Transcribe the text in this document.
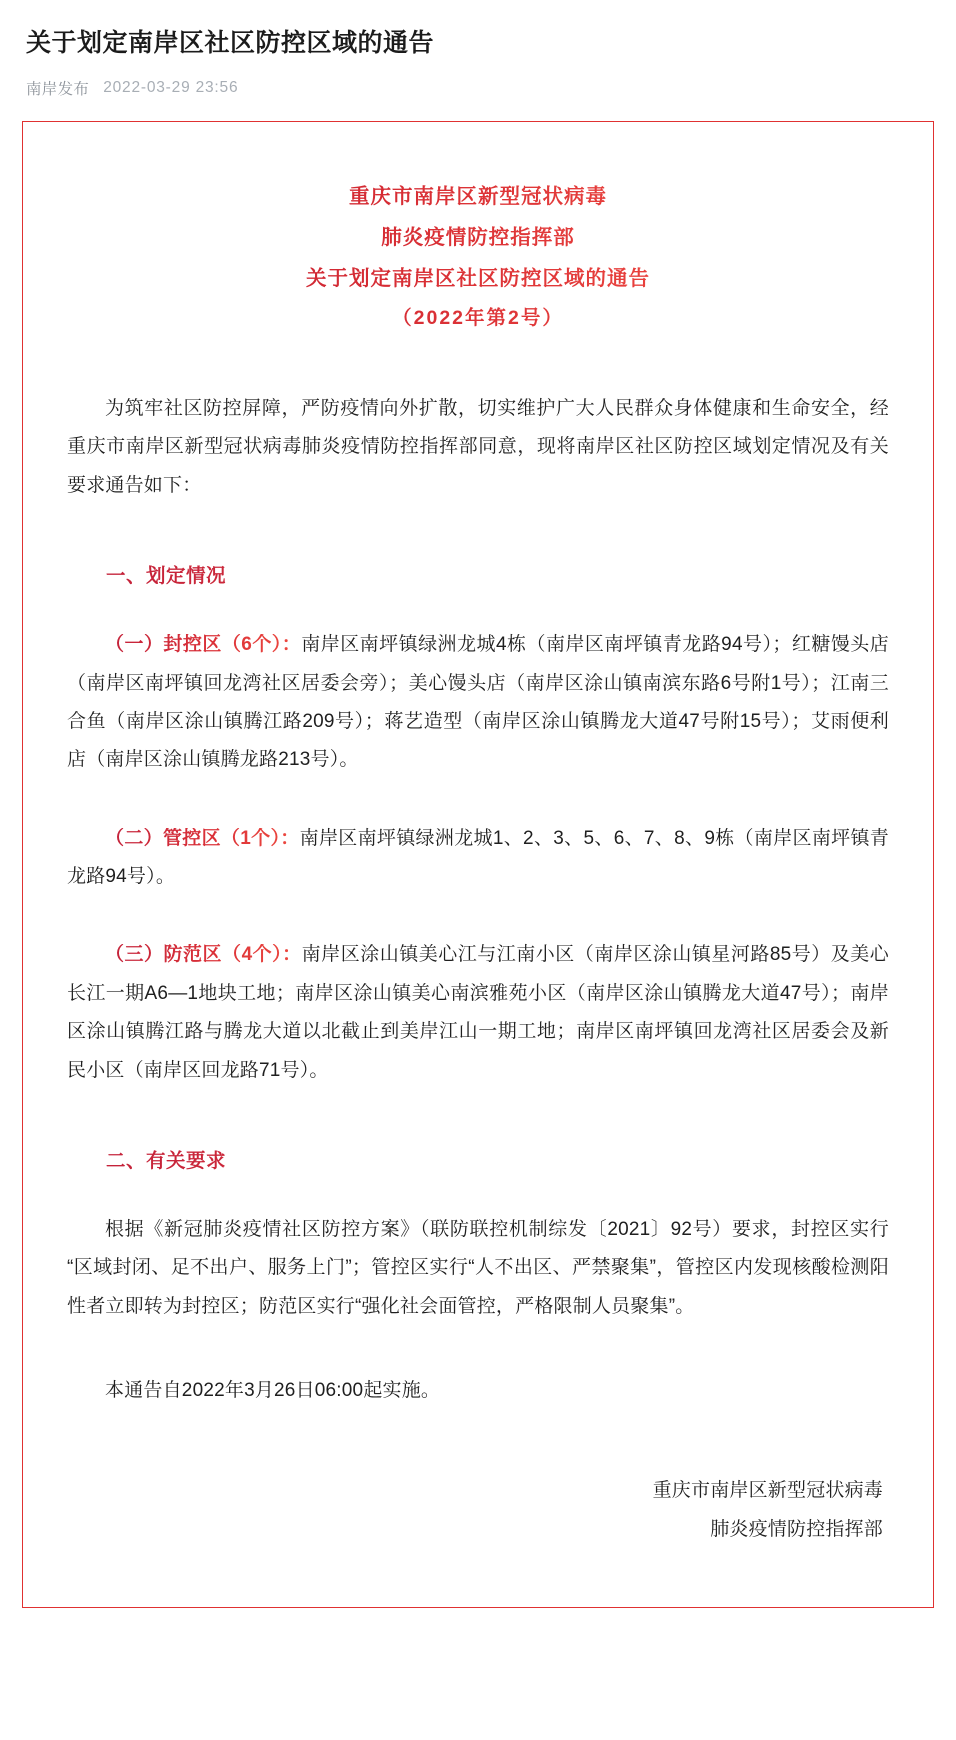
关于划定南岸区社区防控区域的通告
南岸发布 2022-03-29 23:56
重庆市南岸区新型冠状病毒
肺炎疫情防控指挥部
关于划定南岸区社区防控区域的通告
（2022年第2号）

为筑牢社区防控屏障，严防疫情向外扩散，切实维护广大人民群众身体健康和生命安全，经重庆市南岸区新型冠状病毒肺炎疫情防控指挥部同意，现将南岸区社区防控区域划定情况及有关要求通告如下：

一、划定情况

（一）封控区（6个）：南岸区南坪镇绿洲龙城4栋（南岸区南坪镇青龙路94号）；红糖馒头店（南岸区南坪镇回龙湾社区居委会旁）；美心馒头店（南岸区涂山镇南滨东路6号附1号）；江南三合鱼（南岸区涂山镇腾江路209号）；蒋艺造型（南岸区涂山镇腾龙大道47号附15号）；艾雨便利店（南岸区涂山镇腾龙路213号）。

（二）管控区（1个）：南岸区南坪镇绿洲龙城1、2、3、5、6、7、8、9栋（南岸区南坪镇青龙路94号）。

（三）防范区（4个）：南岸区涂山镇美心江与江南小区（南岸区涂山镇星河路85号）及美心长江一期A6—1地块工地；南岸区涂山镇美心南滨雅苑小区（南岸区涂山镇腾龙大道47号）；南岸区涂山镇腾江路与腾龙大道以北截止到美岸江山一期工地；南岸区南坪镇回龙湾社区居委会及新民小区（南岸区回龙路71号）。

二、有关要求

根据《新冠肺炎疫情社区防控方案》（联防联控机制综发〔2021〕92号）要求，封控区实行“区域封闭、足不出户、服务上门”；管控区实行“人不出区、严禁聚集”，管控区内发现核酸检测阳性者立即转为封控区；防范区实行“强化社会面管控，严格限制人员聚集”。

本通告自2022年3月26日06:00起实施。

重庆市南岸区新型冠状病毒
肺炎疫情防控指挥部
